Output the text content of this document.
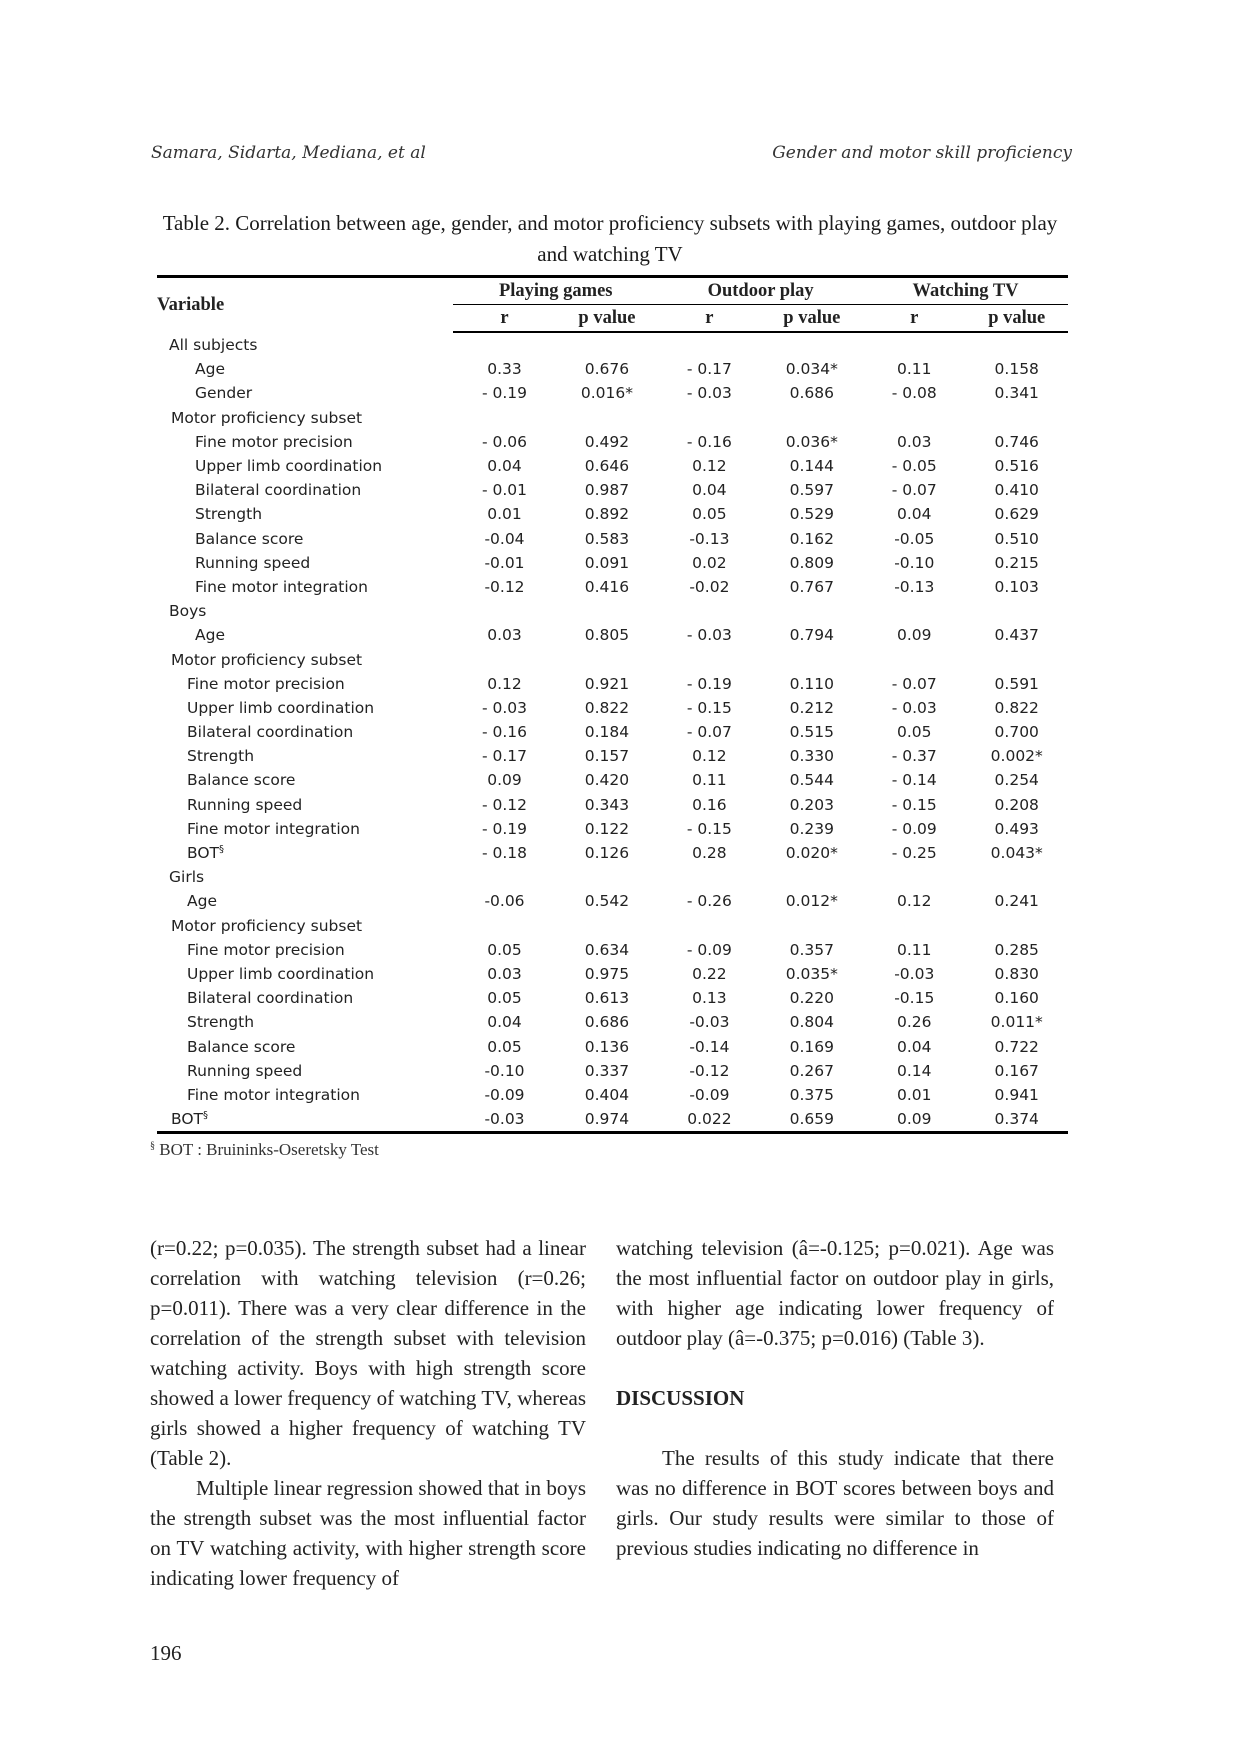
Samara, Sidarta, Mediana, et al	Gender and motor skill proficiency
Table 2. Correlation between age, gender, and motor proficiency subsets with playing games, outdoor play and watching TV
Variable	Playing games		Outdoor play		Watching TV	
	r	p value	r	p value	r	p value
All subjects						
Age	0.33	0.676	- 0.17	0.034*	0.11	0.158
Gender	- 0.19	0.016*	- 0.03	0.686	- 0.08	0.341
Motor proficiency subset						
Fine motor precision	- 0.06	0.492	- 0.16	0.036*	0.03	0.746
Upper limb coordination	0.04	0.646	0.12	0.144	- 0.05	0.516
Bilateral coordination	- 0.01	0.987	0.04	0.597	- 0.07	0.410
Strength	0.01	0.892	0.05	0.529	0.04	0.629
Balance score	-0.04	0.583	-0.13	0.162	-0.05	0.510
Running speed	-0.01	0.091	0.02	0.809	-0.10	0.215
Fine motor integration	-0.12	0.416	-0.02	0.767	-0.13	0.103
Boys						
Age	0.03	0.805	- 0.03	0.794	0.09	0.437
Motor proficiency subset						
Fine motor precision	0.12	0.921	- 0.19	0.110	- 0.07	0.591
Upper limb coordination	- 0.03	0.822	- 0.15	0.212	- 0.03	0.822
Bilateral coordination	- 0.16	0.184	- 0.07	0.515	0.05	0.700
Strength	- 0.17	0.157	0.12	0.330	- 0.37	0.002*
Balance score	0.09	0.420	0.11	0.544	- 0.14	0.254
Running speed	- 0.12	0.343	0.16	0.203	- 0.15	0.208
Fine motor integration	- 0.19	0.122	- 0.15	0.239	- 0.09	0.493
BOT§	- 0.18	0.126	0.28	0.020*	- 0.25	0.043*
Girls						
Age	-0.06	0.542	- 0.26	0.012*	0.12	0.241
Motor proficiency subset						
Fine motor precision	0.05	0.634	- 0.09	0.357	0.11	0.285
Upper limb coordination	0.03	0.975	0.22	0.035*	-0.03	0.830
Bilateral coordination	0.05	0.613	0.13	0.220	-0.15	0.160
Strength	0.04	0.686	-0.03	0.804	0.26	0.011*
Balance score	0.05	0.136	-0.14	0.169	0.04	0.722
Running speed	-0.10	0.337	-0.12	0.267	0.14	0.167
Fine motor integration	-0.09	0.404	-0.09	0.375	0.01	0.941
BOT§	-0.03	0.974	0.022	0.659	0.09	0.374
§ BOT : Bruininks-Oseretsky Test

(r=0.22; p=0.035). The strength subset had a linear correlation with watching television (r=0.26; p=0.011). There was a very clear difference in the correlation of the strength subset with television watching activity. Boys with high strength score showed a lower frequency of watching TV, whereas girls showed a higher frequency of watching TV (Table 2).

Multiple linear regression showed that in boys the strength subset was the most influential factor on TV watching activity, with higher strength score indicating lower frequency of

watching television (â=-0.125; p=0.021). Age was the most influential factor on outdoor play in girls, with higher age indicating lower frequency of outdoor play (â=-0.375; p=0.016) (Table 3).

DISCUSSION

The results of this study indicate that there was no difference in BOT scores between boys and girls. Our study results were similar to those of previous studies indicating no difference in

196
